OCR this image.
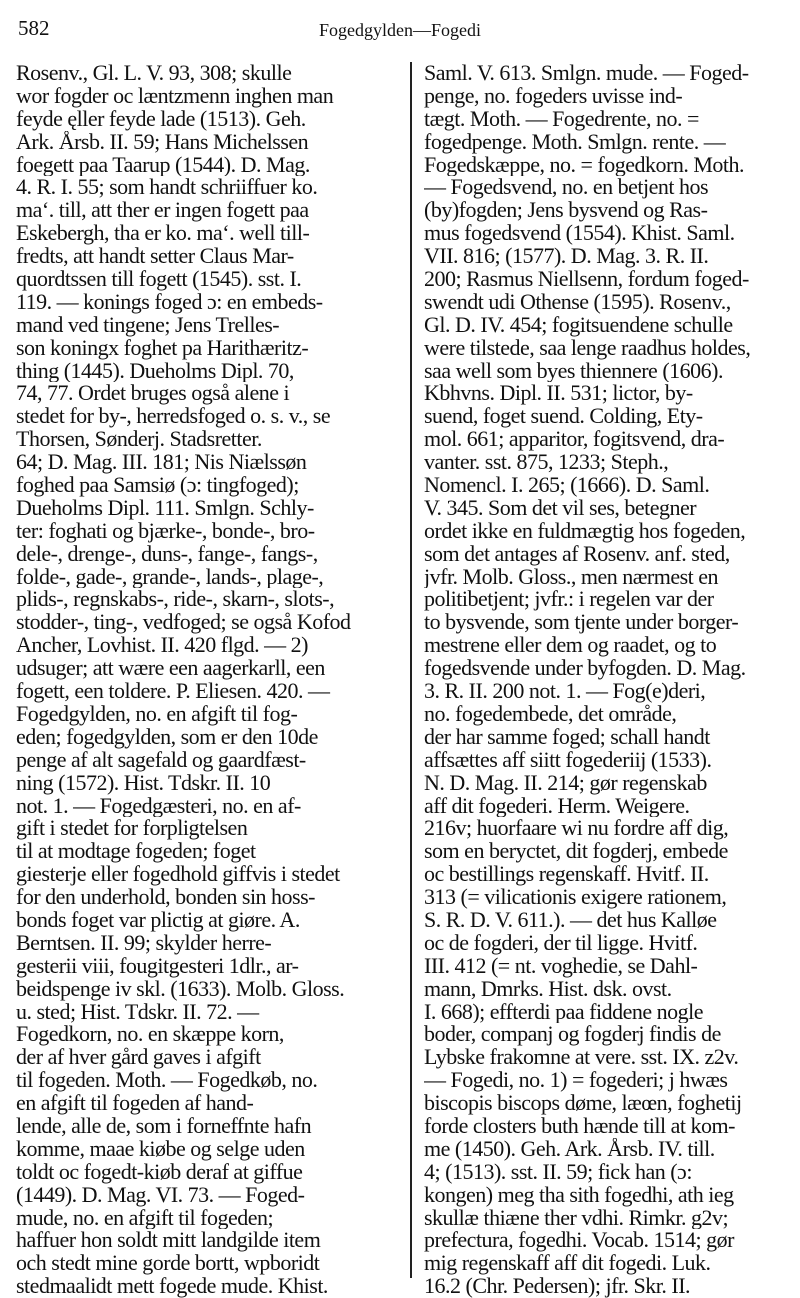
582	Fogedgylden—Fogedi
Rosenv., Gl. L. V. 93, 308; skulle
wor fogder oc læntzmenn inghen man
feyde ęller feyde lade (1513). Geh.
Ark. Årsb. II. 59; Hans Michelssen
foegett paa Taarup (1544). D. Mag.
4. R. I. 55; som handt schriiffuer ko.
ma‘. till, att ther er ingen fogett paa
Eskebergh, tha er ko. ma‘. well till-
fredts, att handt setter Claus Mar-
quordtssen till fogett (1545). sst. I.
119. — konings foged ɔ: en embeds-
mand ved tingene; Jens Trelles-
son koningx foghet pa Harithæritz-
thing (1445). Dueholms Dipl. 70,
74, 77. Ordet bruges også alene i
stedet for by-, herredsfoged o. s. v., se
Thorsen, Sønderj. Stadsretter.
64; D. Mag. III. 181; Nis Niælssøn
foghed paa Samsiø (ɔ: tingfoged);
Dueholms Dipl. 111. Smlgn. Schly-
ter: foghati og bjærke-, bonde-, bro-
dele-, drenge-, duns-, fange-, fangs-,
folde-, gade-, grande-, lands-, plage-,
plids-, regnskabs-, ride-, skarn-, slots-,
stodder-, ting-, vedfoged; se også Kofod
Ancher, Lovhist. II. 420 flgd. — 2)
udsuger; att wære een aagerkarll, een
fogett, een toldere. P. Eliesen. 420. —
Fogedgylden, no. en afgift til fog-
eden; fogedgylden, som er den 10de
penge af alt sagefald og gaardfæst-
ning (1572). Hist. Tdskr. II. 10
not. 1. — Fogedgæsteri, no. en af-
gift i stedet for forpligtelsen
til at modtage fogeden; foget
giesterje eller fogedhold giffvis i stedet
for den underhold, bonden sin hoss-
bonds foget var plictig at giøre. A.
Berntsen. II. 99; skylder herre-
gesterii viii, fougitgesteri 1dlr., ar-
beidspenge iv skl. (1633). Molb. Gloss.
u. sted; Hist. Tdskr. II. 72. —
Fogedkorn, no. en skæppe korn,
der af hver gård gaves i afgift
til fogeden. Moth. — Fogedkøb, no.
en afgift til fogeden af hand-
lende, alle de, som i forneffnte hafn
komme, maae kiøbe og selge uden
toldt oc fogedt-kiøb deraf at giffue
(1449). D. Mag. VI. 73. — Foged-
mude, no. en afgift til fogeden;
haffuer hon soldt mitt landgilde item
och stedt mine gorde bortt, wpboridt
stedmaalidt mett fogede mude. Khist.
Saml. V. 613. Smlgn. mude. — Foged-
penge, no. fogeders uvisse ind-
tægt. Moth. — Fogedrente, no. =
fogedpenge. Moth. Smlgn. rente. —
Fogedskæppe, no. = fogedkorn. Moth.
— Fogedsvend, no. en betjent hos
(by)fogden; Jens bysvend og Ras-
mus fogedsvend (1554). Khist. Saml.
VII. 816; (1577). D. Mag. 3. R. II.
200; Rasmus Niellsenn, fordum foged-
swendt udi Othense (1595). Rosenv.,
Gl. D. IV. 454; fogitsuendene schulle
were tilstede, saa lenge raadhus holdes,
saa well som byes thiennere (1606).
Kbhvns. Dipl. II. 531; lictor, by-
suend, foget suend. Colding, Ety-
mol. 661; apparitor, fogitsvend, dra-
vanter. sst. 875, 1233; Steph.,
Nomencl. I. 265; (1666). D. Saml.
V. 345. Som det vil ses, betegner
ordet ikke en fuldmægtig hos fogeden,
som det antages af Rosenv. anf. sted,
jvfr. Molb. Gloss., men nærmest en
politibetjent; jvfr.: i regelen var der
to bysvende, som tjente under borger-
mestrene eller dem og raadet, og to
fogedsvende under byfogden. D. Mag.
3. R. II. 200 not. 1. — Fog(e)deri,
no. fogedembede, det område,
der har samme foged; schall handt
affsættes aff siitt fogederiij (1533).
N. D. Mag. II. 214; gør regenskab
aff dit fogederi. Herm. Weigere.
216v; huorfaare wi nu fordre aff dig,
som en beryctet, dit fogderj, embede
oc bestillings regenskaff. Hvitf. II.
313 (= vilicationis exigere rationem,
S. R. D. V. 611.). — det hus Kalløe
oc de fogderi, der til ligge. Hvitf.
III. 412 (= nt. voghedie, se Dahl-
mann, Dmrks. Hist. dsk. ovst.
I. 668); effterdi paa fiddene nogle
boder, companj og fogderj findis de
Lybske frakomne at vere. sst. IX. z2v.
— Fogedi, no. 1) = fogederi; j hwæs
biscopis biscops døme, læœn, foghetij
forde closters buth hænde till at kom-
me (1450). Geh. Ark. Årsb. IV. till.
4; (1513). sst. II. 59; fick han (ɔ:
kongen) meg tha sith fogedhi, ath ieg
skullæ thiæne ther vdhi. Rimkr. g2v;
prefectura, fogedhi. Vocab. 1514; gør
mig regenskaff aff dit fogedi. Luk.
16.2 (Chr. Pedersen); jfr. Skr. II.
